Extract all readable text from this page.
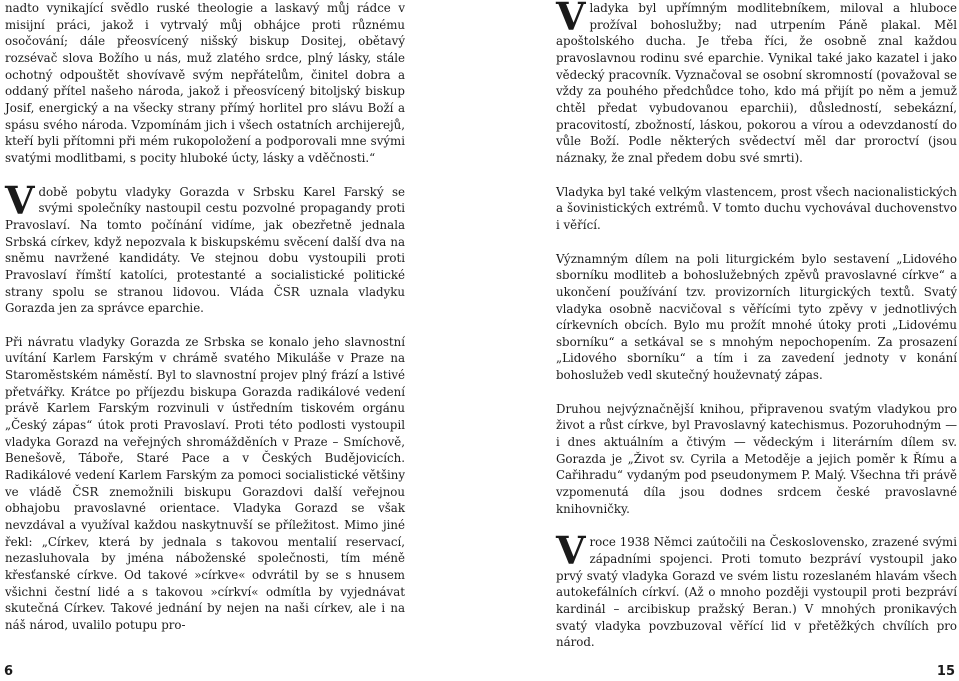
nadto vynikající svědlo ruské theologie a laskavý můj rádce v misijní práci, jakož i vytrvalý můj obhájce proti různému osočování; dále přeosvícený nišský biskup Dositej, obětavý rozsévač slova Božího u nás, muž zlatého srdce, plný lásky, stále ochotný odpouštět shovívavě svým nepřátelům, činitel dobra a oddaný přítel našeho národa, jakož i přeosvícený bitoljský biskup Josif, energický a na všecky strany přímý horlitel pro slávu Boží a spásu svého národa. Vzpomínám jich i všech ostatních archijerejů, kteří byli přítomni při mém rukopoložení a podporovali mne svými svatými modlitbami, s pocity hluboké úcty, lásky a vděčnosti.“

Vdobě pobytu vladyky Gorazda v Srbsku Karel Farský se svými společníky nastoupil cestu pozvolné propagandy proti Pravoslaví. Na tomto počínání vidíme, jak obezřetně jednala Srbská církev, když nepozvala k biskupskému svěcení další dva na sněmu navržené kandidáty. Ve stejnou dobu vystoupili proti Pravoslaví římští katolíci, protestanté a socialistické politické strany spolu se stranou lidovou. Vláda ČSR uznala vladyku Gorazda jen za správce eparchie.

Při návratu vladyky Gorazda ze Srbska se konalo jeho slavnostní uvítání Karlem Farským v chrámě svatého Mikuláše v Praze na Staroměstském náměstí. Byl to slavnostní projev plný frází a lstivé přetvářky. Krátce po příjezdu biskupa Gorazda radikálové vedení právě Karlem Farským rozvinuli v ústředním tiskovém orgánu „Český zápas“ útok proti Pravoslaví. Proti této podlosti vystoupil vladyka Gorazd na veřejných shromážděních v Praze – Smíchově, Benešově, Táboře, Staré Pace a v Českých Budějovicích. Radikálové vedení Karlem Farským za pomoci socialistické většiny ve vládě ČSR znemožnili biskupu Gorazdovi další veřejnou obhajobu pravoslavné orientace. Vladyka Gorazd se však nevzdával a využíval každou naskytnuvší se příležitost. Mimo jiné řekl: „Církev, která by jednala s takovou mentalií reservací, nezasluhovala by jména náboženské společnosti, tím méně křesťanské církve. Od takové »církve« odvrátil by se s hnusem všichni čestní lidé a s takovou »církví« odmítla by vyjednávat skutečná Církev. Takové jednání by nejen na naši církev, ale i na náš národ, uvalilo potupu pro-

Vladyka byl upřímným modlitebníkem, miloval a hluboce prožíval bohoslužby; nad utrpením Páně plakal. Měl apoštolského ducha. Je třeba říci, že osobně znal každou pravoslavnou rodinu své eparchie. Vynikal také jako kazatel i jako vědecký pracovník. Vyznačoval se osobní skromností (považoval se vždy za pouhého předchůdce toho, kdo má přijít po něm a jemuž chtěl předat vybudovanou eparchii), důsledností, sebekázní, pracovitostí, zbožností, láskou, pokorou a vírou a odevzdaností do vůle Boží. Podle některých svědectví měl dar proroctví (jsou náznaky, že znal předem dobu své smrti).

Vladyka byl také velkým vlastencem, prost všech nacionalistických a šovinistických extrémů. V tomto duchu vychovával duchovenstvo i věřící.

Významným dílem na poli liturgickém bylo sestavení „Lidového sborníku modliteb a bohoslužebných zpěvů pravoslavné církve“ a ukončení používání tzv. provizorních liturgických textů. Svatý vladyka osobně nacvičoval s věřícími tyto zpěvy v jednotlivých církevních obcích. Bylo mu prožít mnohé útoky proti „Lidovému sborníku“ a setkával se s mnohým nepochopením. Za prosazení „Lidového sborníku“ a tím i za zavedení jednoty v konání bohoslužeb vedl skutečný houževnatý zápas.

Druhou nejvýznačnější knihou, připravenou svatým vladykou pro život a růst církve, byl Pravoslavný katechismus. Pozoruhodným — i dnes aktuálním a čtivým — vědeckým i literárním dílem sv. Gorazda je „Život sv. Cyrila a Metoděje a jejich poměr k Římu a Cařihradu“ vydaným pod pseudonymem P. Malý. Všechna tři právě vzpomenutá díla jsou dodnes srdcem české pravoslavné knihovničky.

Vroce 1938 Němci zaútočili na Československo, zrazené svými západními spojenci. Proti tomuto bezpráví vystoupil jako prvý svatý vladyka Gorazd ve svém listu rozeslaném hlavám všech autokefálních církví. (Až o mnoho později vystoupil proti bezpráví kardinál – arcibiskup pražský Beran.) V mnohých pronikavých svatý vladyka povzbuzoval věřící lid v přetěžkých chvílích pro národ.

6	15
